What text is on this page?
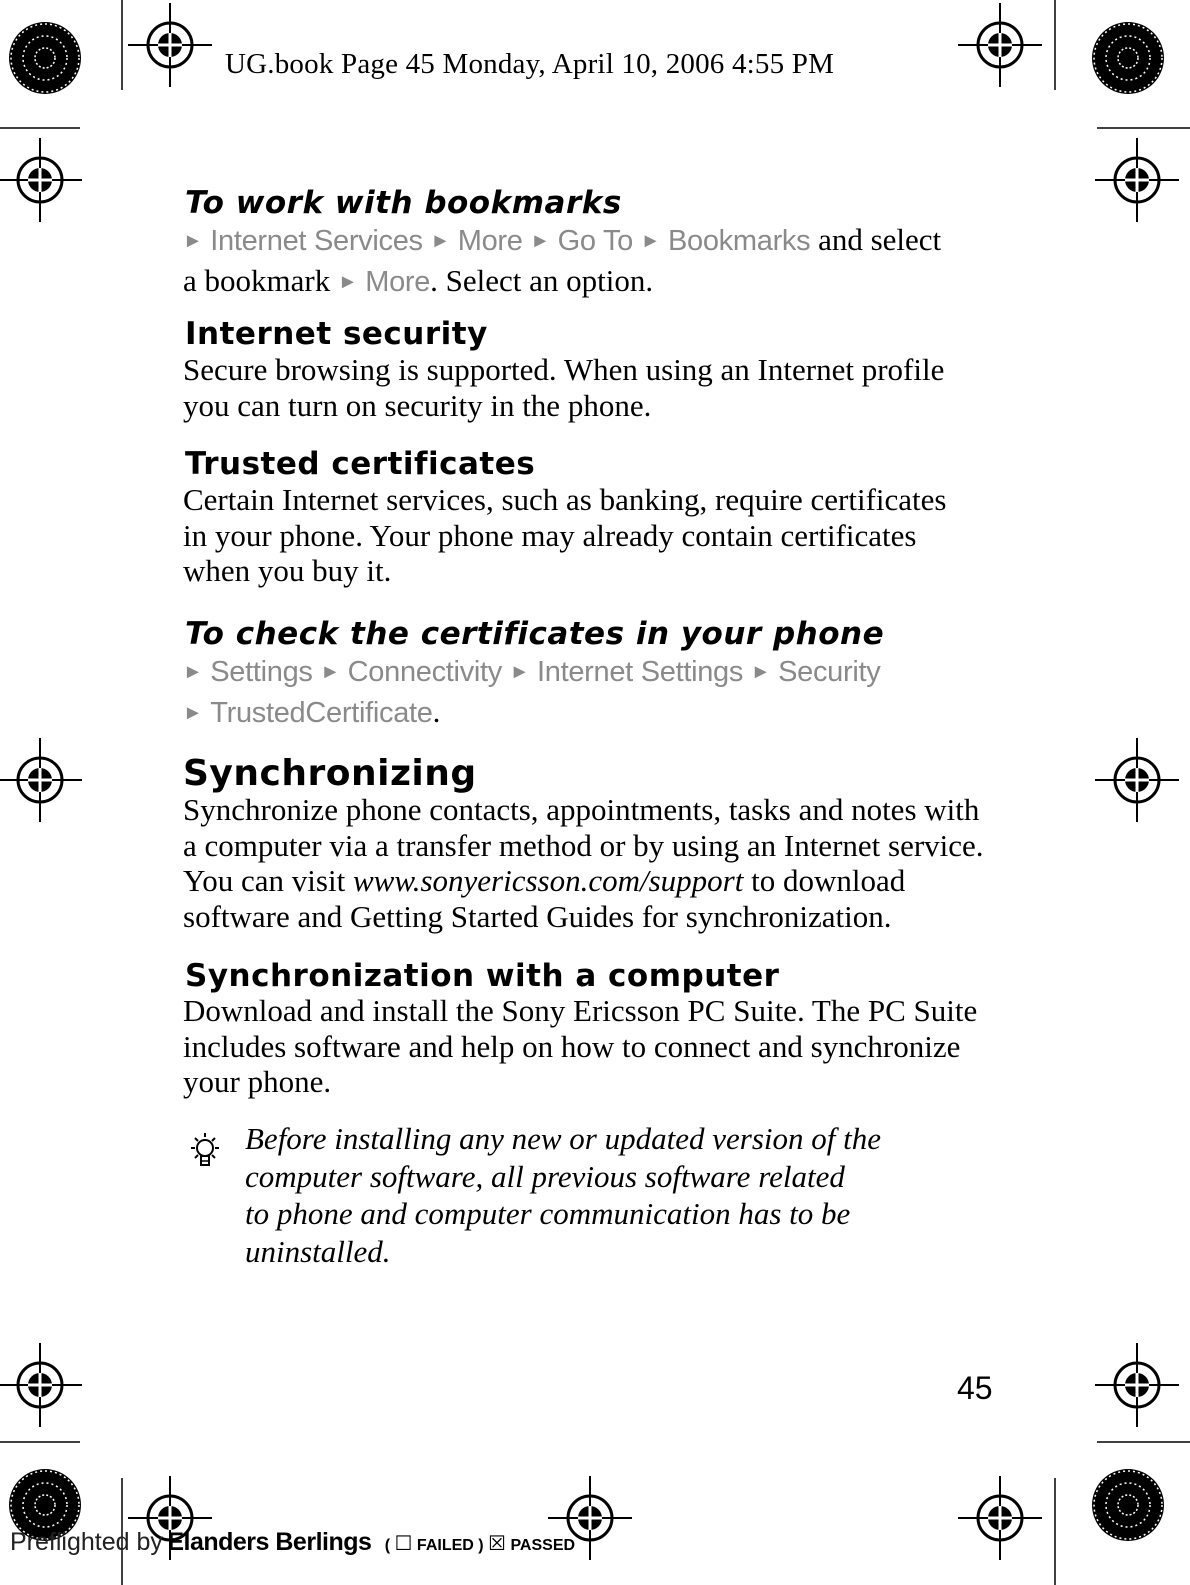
UG.book Page 45 Monday, April 10, 2006 4:55 PM
To work with bookmarks

► Internet Services ► More ► Go To ► Bookmarks and select

a bookmark ► More. Select an option.

Internet security

Secure browsing is supported. When using an Internet profile

you can turn on security in the phone.

Trusted certificates

Certain Internet services, such as banking, require certificates

in your phone. Your phone may already contain certificates

when you buy it.

To check the certificates in your phone

► Settings ► Connectivity ► Internet Settings ► Security

► TrustedCertificate.

Synchronizing

Synchronize phone contacts, appointments, tasks and notes with

a computer via a transfer method or by using an Internet service.

You can visit www.sonyericsson.com/support to download

software and Getting Started Guides for synchronization.

Synchronization with a computer

Download and install the Sony Ericsson PC Suite. The PC Suite

includes software and help on how to connect and synchronize

your phone.

Before installing any new or updated version of the

computer software, all previous software related

to phone and computer communication has to be

uninstalled.

45
Preflighted by Elanders Berlings ( ☐ FAILED ) ☒ PASSED
